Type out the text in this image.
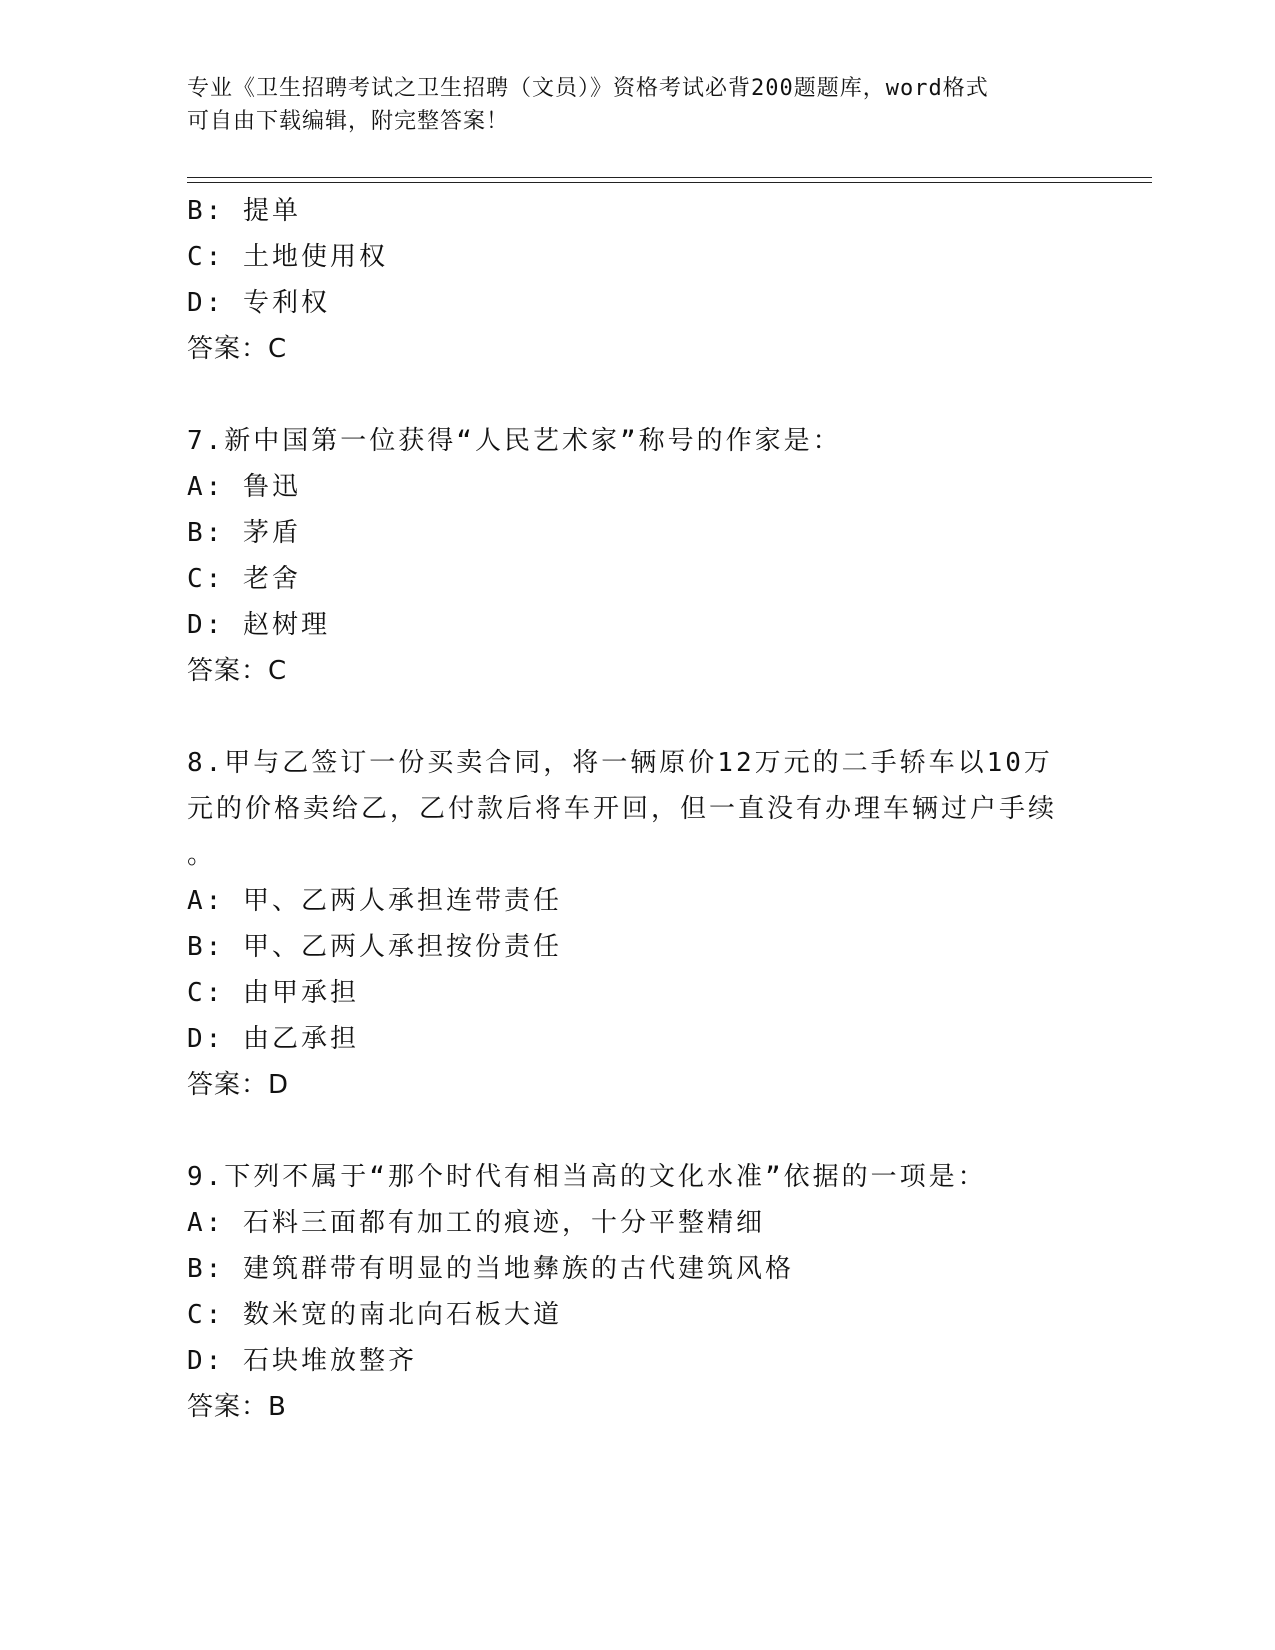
专业《卫生招聘考试之卫生招聘（文员）》资格考试必背200题题库，word格式
可自由下载编辑，附完整答案！
B: 提单
C: 土地使用权
D: 专利权
答案：C
7.新中国第一位获得“人民艺术家”称号的作家是：
A: 鲁迅
B: 茅盾
C: 老舍
D: 赵树理
答案：C
8.甲与乙签订一份买卖合同，将一辆原价12万元的二手轿车以10万
元的价格卖给乙，乙付款后将车开回，但一直没有办理车辆过户手续
。
A: 甲、乙两人承担连带责任
B: 甲、乙两人承担按份责任
C: 由甲承担
D: 由乙承担
答案：D
9.下列不属于“那个时代有相当高的文化水准”依据的一项是：
A: 石料三面都有加工的痕迹，十分平整精细
B: 建筑群带有明显的当地彝族的古代建筑风格
C: 数米宽的南北向石板大道
D: 石块堆放整齐
答案：B
